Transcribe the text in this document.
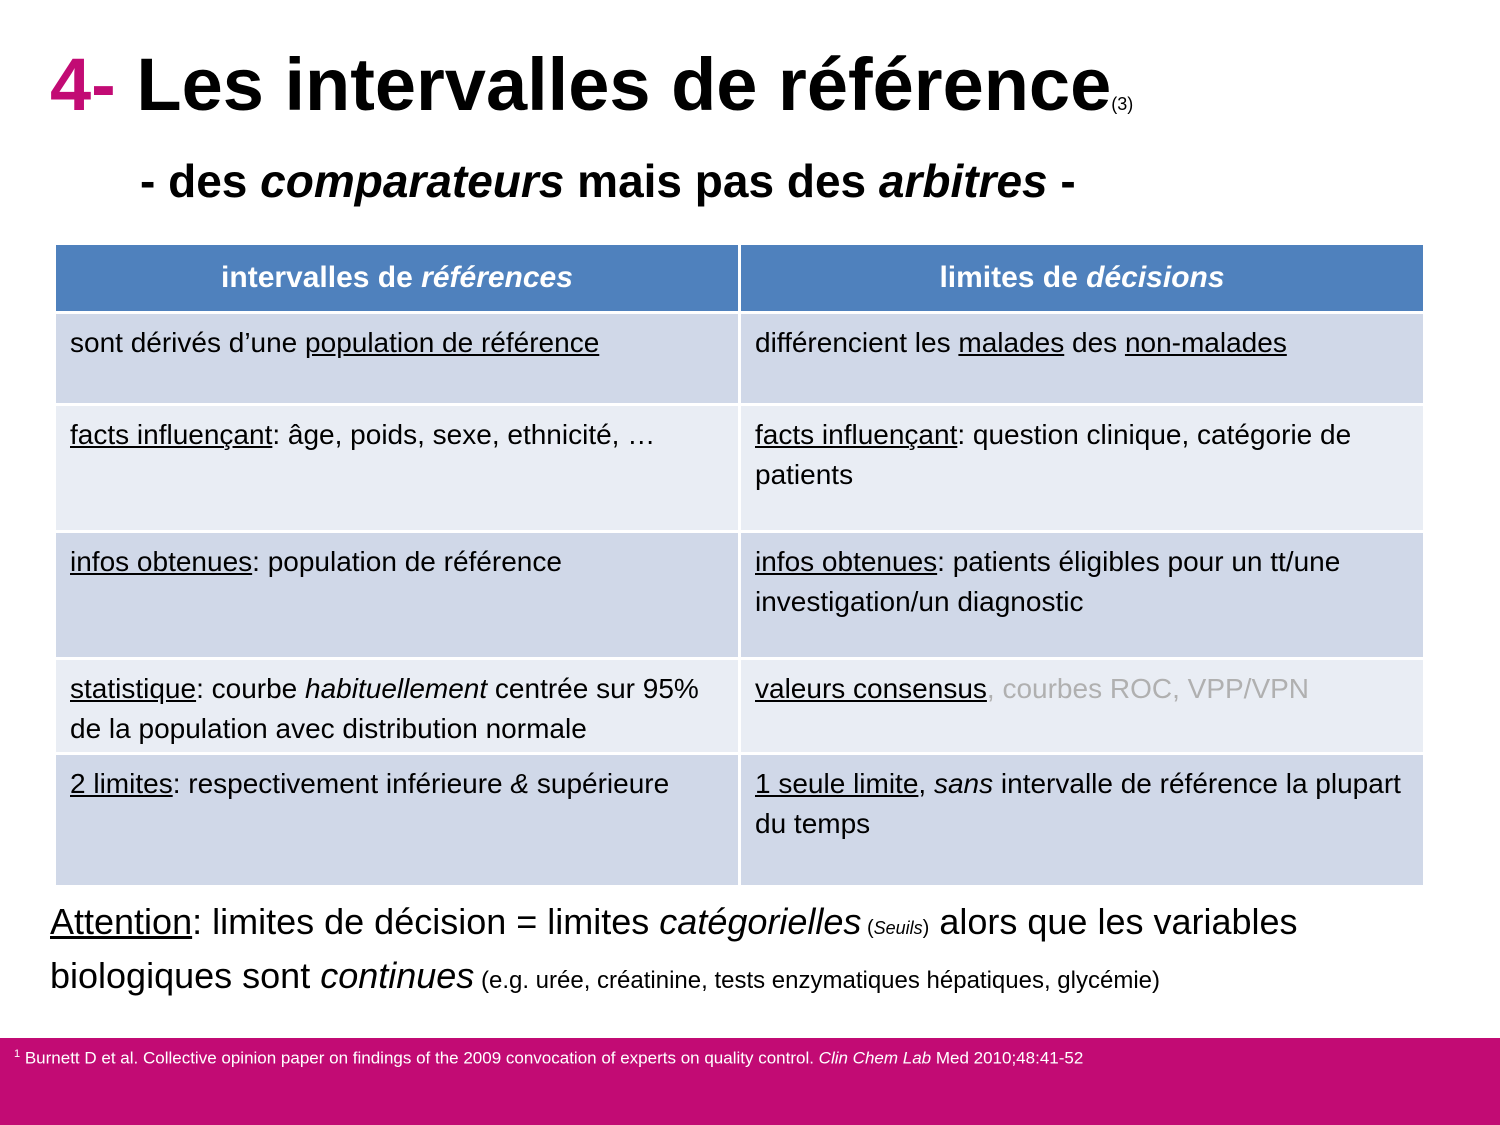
4- Les intervalles de référence(3)
- des comparateurs mais pas des arbitres -
intervalles de références	limites de décisions
sont dérivés d’une population de référence	différencient les malades des non-malades
facts influençant: âge, poids, sexe, ethnicité, …	facts influençant: question clinique, catégorie de patients
infos obtenues: population de référence	infos obtenues: patients éligibles pour un tt/une investigation/un diagnostic
statistique: courbe habituellement centrée sur 95% de la population avec distribution normale	valeurs consensus, courbes ROC, VPP/VPN
2 limites: respectivement inférieure & supérieure	1 seule limite, sans intervalle de référence la plupart du temps

Attention: limites de décision = limites catégorielles (Seuils) alors que les variables biologiques sont continues (e.g. urée, créatinine, tests enzymatiques hépatiques, glycémie)

$^1$ Burnett D et al. Collective opinion paper on findings of the 2009 convocation of experts on quality control. Clin Chem Lab Med 2010;48:41-52
